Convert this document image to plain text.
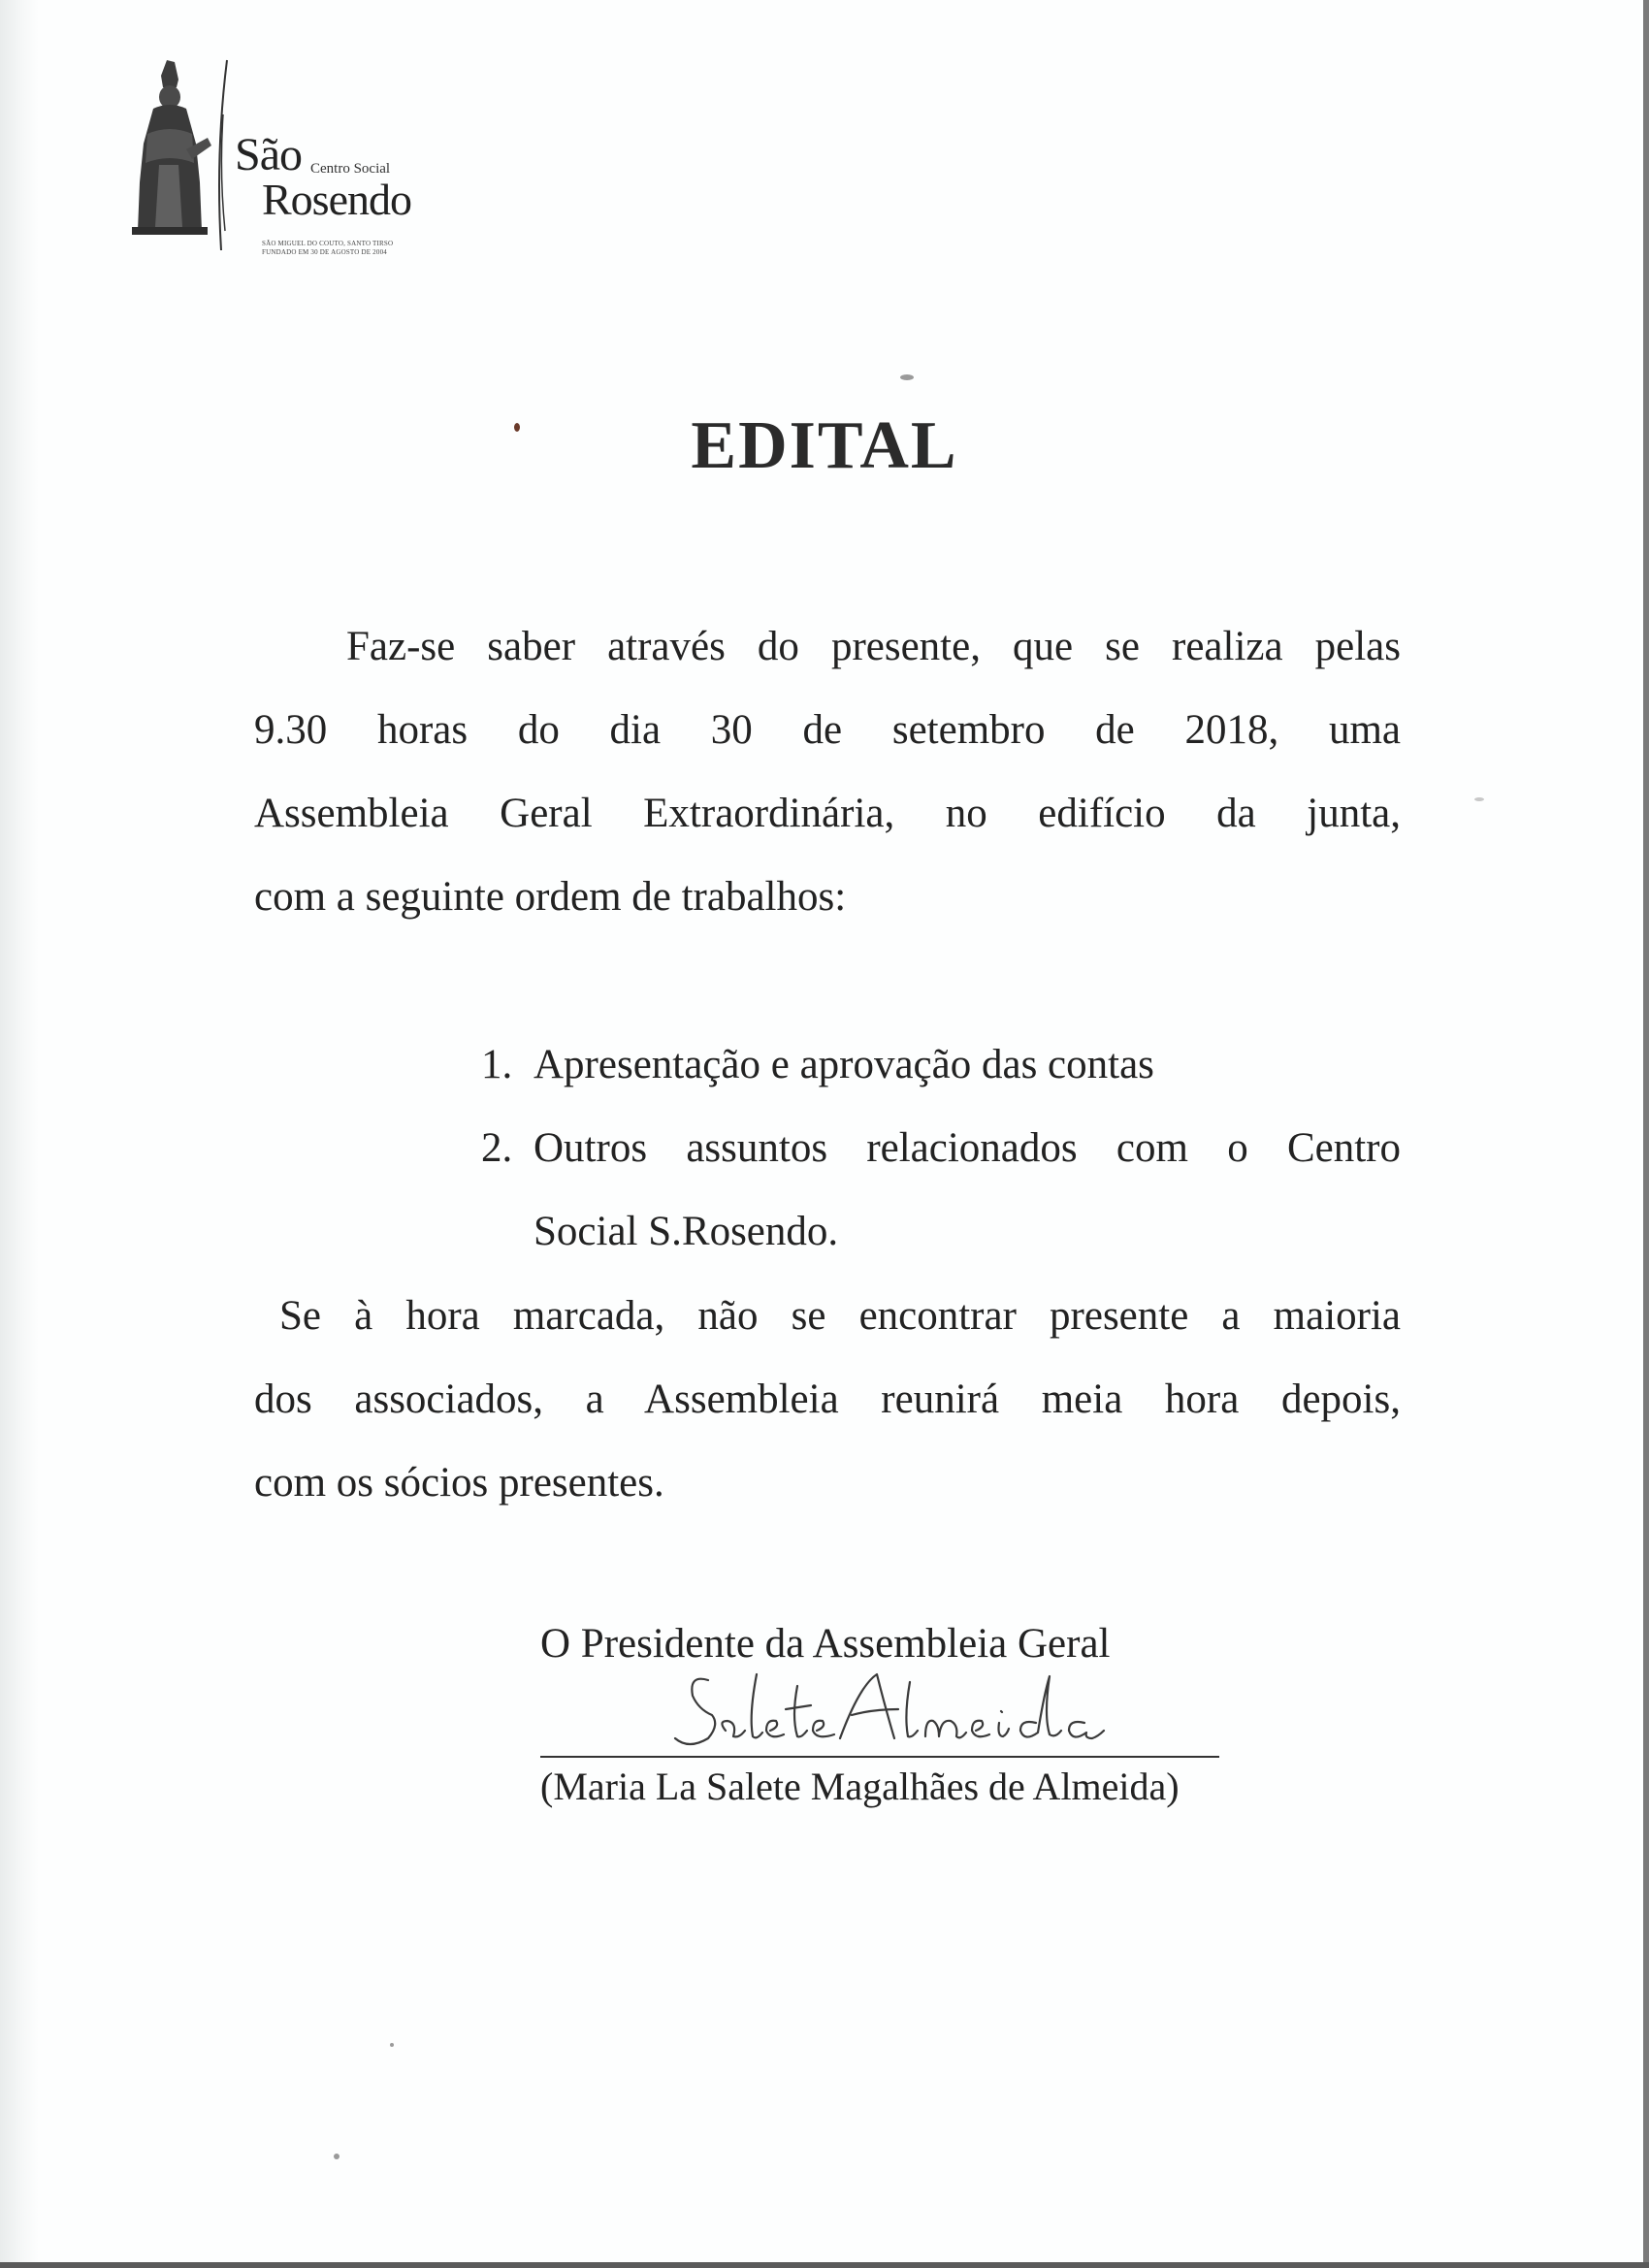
São Centro Social
Rosendo
SÃO MIGUEL DO COUTO, SANTO TIRSO
FUNDADO EM 30 DE AGOSTO DE 2004
EDITAL
Faz-se saber através do presente, que se realiza pelas
9.30 horas do dia 30 de setembro de 2018, uma
Assembleia Geral Extraordinária, no edifício da junta,
com a seguinte ordem de trabalhos:
1. Apresentação e aprovação das contas
2. Outros assuntos relacionados com o Centro
Social S.Rosendo.
Se à hora marcada, não se encontrar presente a maioria
dos associados, a Assembleia reunirá meia hora depois,
com os sócios presentes.
O Presidente da Assembleia Geral
(Maria La Salete Magalhães de Almeida)
